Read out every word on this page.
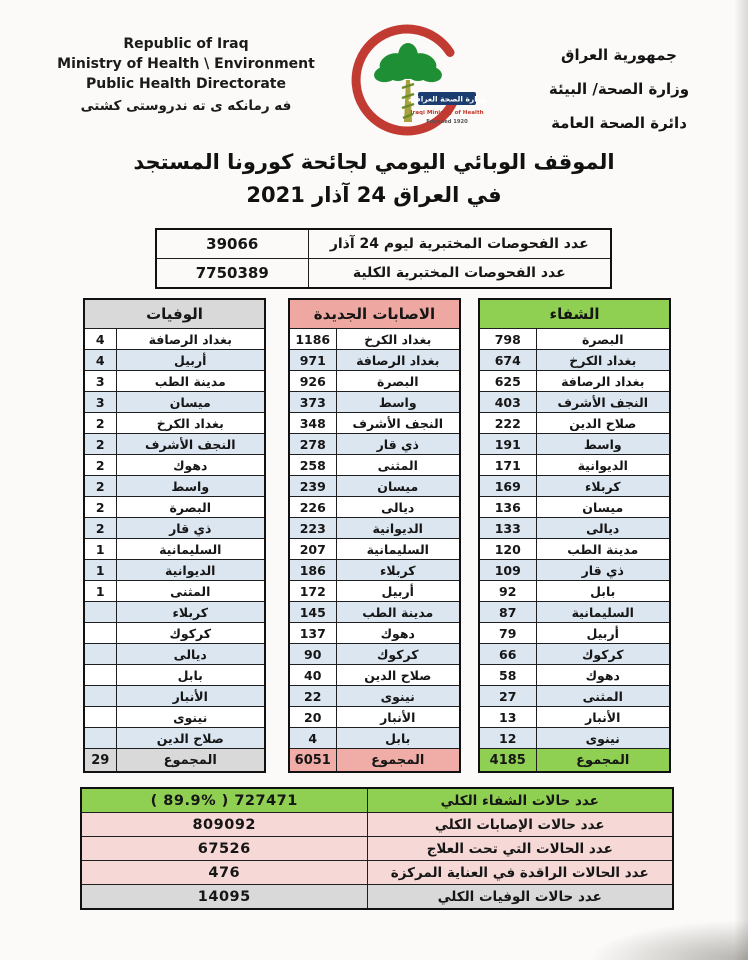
Republic of Iraq
Ministry of Health \ Environment
Public Health Directorate
فه رمانكه ى ته ندروستى كشتى	وزارة الصحة العراقية
Iraqi Ministry of Health
Founded 1920
جمهورية العراق
وزارة الصحة/ البيئة
دائرة الصحة العامة
الموقف الوبائي اليومي لجائحة كورونا المستجد
في العراق 24 آذار 2021
39066	عدد الفحوصات المختبرية ليوم 24 آذار
7750389	عدد الفحوصات المختبرية الكلية
الوفيات	
4	بغداد الرصافة
4	أربيل
3	مدينة الطب
3	ميسان
2	بغداد الكرخ
2	النجف الأشرف
2	دهوك
2	واسط
2	البصرة
2	ذي قار
1	السليمانية
1	الديوانية
1	المثنى
	كربلاء
	كركوك
	ديالى
	بابل
	الأنبار
	نينوى
	صلاح الدين
29	المجموع
الاصابات الجديدة	
1186	بغداد الكرخ
971	بغداد الرصافة
926	البصرة
373	واسط
348	النجف الأشرف
278	ذي قار
258	المثنى
239	ميسان
226	ديالى
223	الديوانية
207	السليمانية
186	كربلاء
172	أربيل
145	مدينة الطب
137	دهوك
90	كركوك
40	صلاح الدين
22	نينوى
20	الأنبار
4	بابل
6051	المجموع
الشفاء	
798	البصرة
674	بغداد الكرخ
625	بغداد الرصافة
403	النجف الأشرف
222	صلاح الدين
191	واسط
171	الديوانية
169	كربلاء
136	ميسان
133	ديالى
120	مدينة الطب
109	ذي قار
92	بابل
87	السليمانية
79	أربيل
66	كركوك
58	دهوك
27	المثنى
13	الأنبار
12	نينوى
4185	المجموع
( 89.9% ) 727471	عدد حالات الشفاء الكلي
809092	عدد حالات الإصابات الكلي
67526	عدد الحالات التي تحت العلاج
476	عدد الحالات الراقدة في العناية المركزة
14095	عدد حالات الوفيات الكلي
